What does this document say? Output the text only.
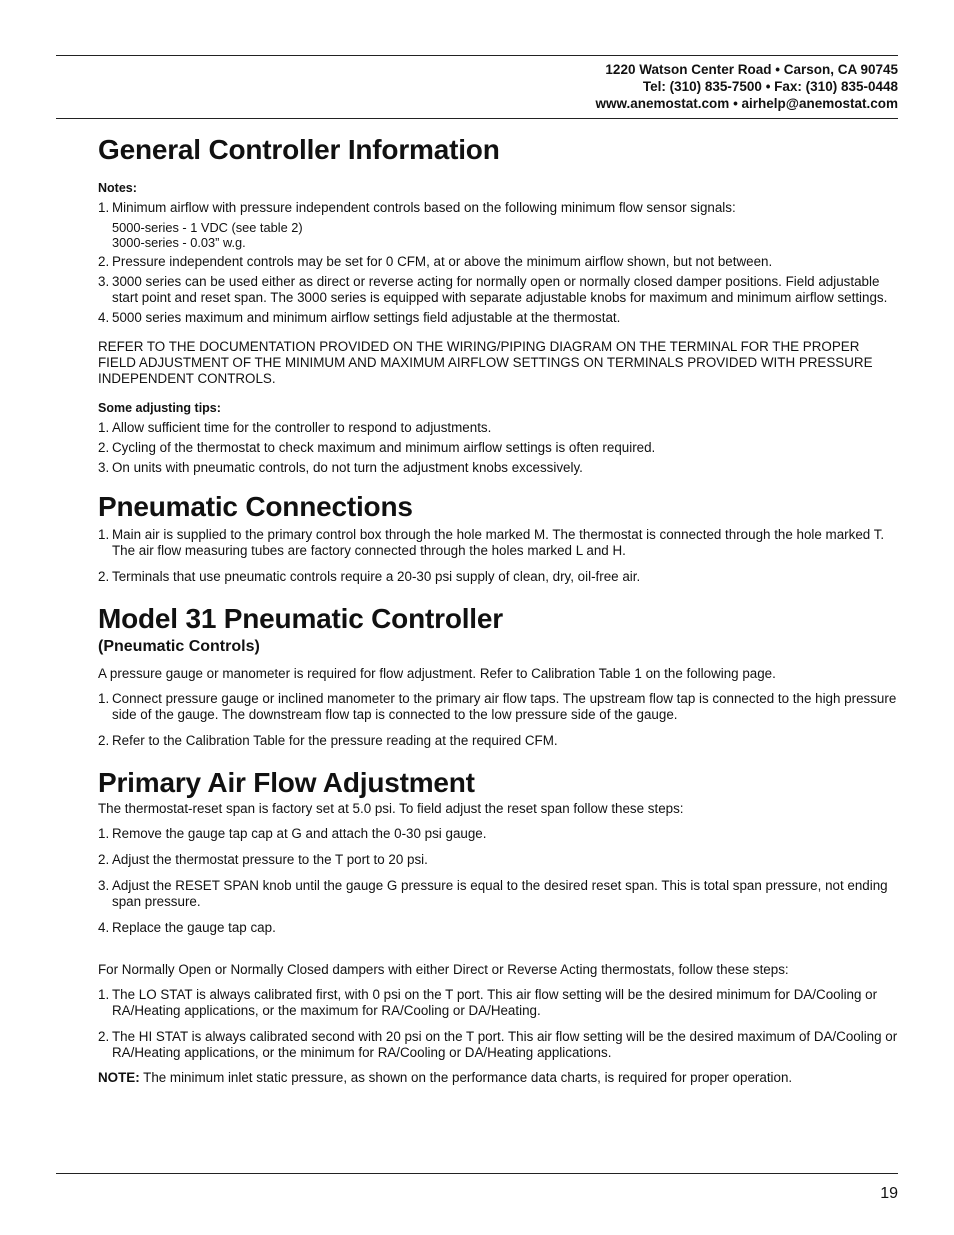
1220 Watson Center Road • Carson, CA 90745
Tel: (310) 835-7500 • Fax: (310) 835-0448
www.anemostat.com • airhelp@anemostat.com
General Controller Information

Notes:

1. Minimum airflow with pressure independent controls based on the following minimum flow sensor signals:
5000-series - 1 VDC (see table 2)
3000-series - 0.03” w.g.
2. Pressure independent controls may be set for 0 CFM, at or above the minimum airflow shown, but not between.
3. 3000 series can be used either as direct or reverse acting for normally open or normally closed damper positions. Field adjustable start point and reset span. The 3000 series is equipped with separate adjustable knobs for maximum and minimum airflow settings.
4. 5000 series maximum and minimum airflow settings field adjustable at the thermostat.

REFER TO THE DOCUMENTATION PROVIDED ON THE WIRING/PIPING DIAGRAM ON THE TERMINAL FOR THE PROPER FIELD ADJUSTMENT OF THE MINIMUM AND MAXIMUM AIRFLOW SETTINGS ON TERMINALS PROVIDED WITH PRESSURE INDEPENDENT CONTROLS.

Some adjusting tips:

1. Allow sufficient time for the controller to respond to adjustments.
2. Cycling of the thermostat to check maximum and minimum airflow settings is often required.
3. On units with pneumatic controls, do not turn the adjustment knobs excessively.
Pneumatic Connections
1. Main air is supplied to the primary control box through the hole marked M. The thermostat is connected through the hole marked T. The air flow measuring tubes are factory connected through the holes marked L and H.
2. Terminals that use pneumatic controls require a 20-30 psi supply of clean, dry, oil-free air.
Model 31 Pneumatic Controller
(Pneumatic Controls)

A pressure gauge or manometer is required for flow adjustment. Refer to Calibration Table 1 on the following page.

1. Connect pressure gauge or inclined manometer to the primary air flow taps. The upstream flow tap is connected to the high pressure side of the gauge. The downstream flow tap is connected to the low pressure side of the gauge.
2. Refer to the Calibration Table for the pressure reading at the required CFM.
Primary Air Flow Adjustment

The thermostat-reset span is factory set at 5.0 psi. To field adjust the reset span follow these steps:

1. Remove the gauge tap cap at G and attach the 0-30 psi gauge.
2. Adjust the thermostat pressure to the T port to 20 psi.
3. Adjust the RESET SPAN knob until the gauge G pressure is equal to the desired reset span. This is total span pressure, not ending span pressure.
4. Replace the gauge tap cap.

For Normally Open or Normally Closed dampers with either Direct or Reverse Acting thermostats, follow these steps:

1. The LO STAT is always calibrated first, with 0 psi on the T port. This air flow setting will be the desired minimum for DA/Cooling or RA/Heating applications, or the maximum for RA/Cooling or DA/Heating.
2. The HI STAT is always calibrated second with 20 psi on the T port. This air flow setting will be the desired maximum of DA/Cooling or RA/Heating applications, or the minimum for RA/Cooling or DA/Heating applications.

NOTE: The minimum inlet static pressure, as shown on the performance data charts, is required for proper operation.

19
